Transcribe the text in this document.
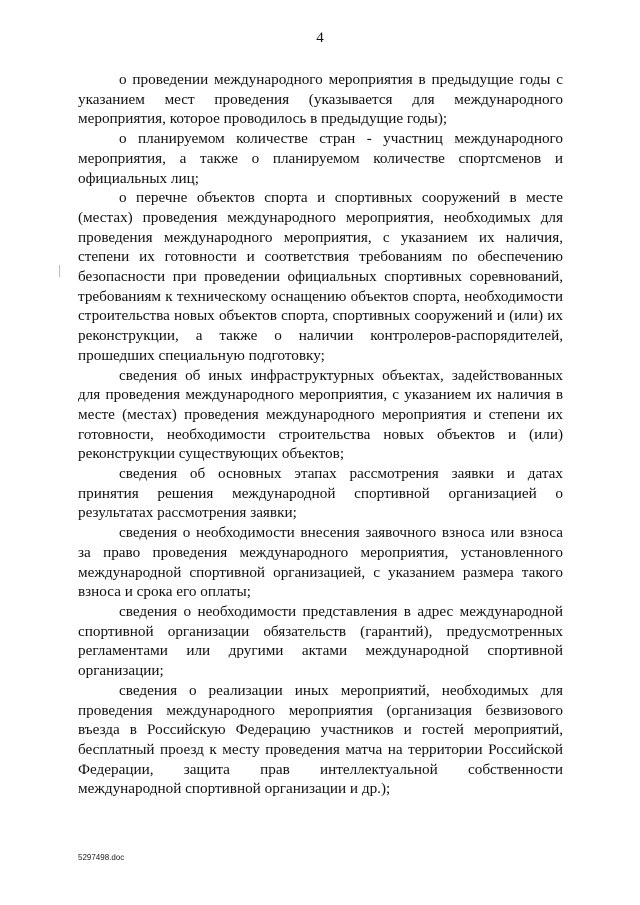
4

о проведении международного мероприятия в предыдущие годы с указанием мест проведения (указывается для международного мероприятия, которое проводилось в предыдущие годы);

о планируемом количестве стран - участниц международного мероприятия, а также о планируемом количестве спортсменов и официальных лиц;

о перечне объектов спорта и спортивных сооружений в месте (местах) проведения международного мероприятия, необходимых для проведения международного мероприятия, с указанием их наличия, степени их готовности и соответствия требованиям по обеспечению безопасности при проведении официальных спортивных соревнований, требованиям к техническому оснащению объектов спорта, необходимости строительства новых объектов спорта, спортивных сооружений и (или) их реконструкции, а также о наличии контролеров-распорядителей, прошедших специальную подготовку;

сведения об иных инфраструктурных объектах, задействованных для проведения международного мероприятия, с указанием их наличия в месте (местах) проведения международного мероприятия и степени их готовности, необходимости строительства новых объектов и (или) реконструкции существующих объектов;

сведения об основных этапах рассмотрения заявки и датах принятия решения международной спортивной организацией о результатах рассмотрения заявки;

сведения о необходимости внесения заявочного взноса или взноса за право проведения международного мероприятия, установленного международной спортивной организацией, с указанием размера такого взноса и срока его оплаты;

сведения о необходимости представления в адрес международной спортивной организации обязательств (гарантий), предусмотренных регламентами или другими актами международной спортивной организации;

сведения о реализации иных мероприятий, необходимых для проведения международного мероприятия (организация безвизового въезда в Российскую Федерацию участников и гостей мероприятий, бесплатный проезд к месту проведения матча на территории Российской Федерации, защита прав интеллектуальной собственности международной спортивной организации и др.);

5297498.doc
